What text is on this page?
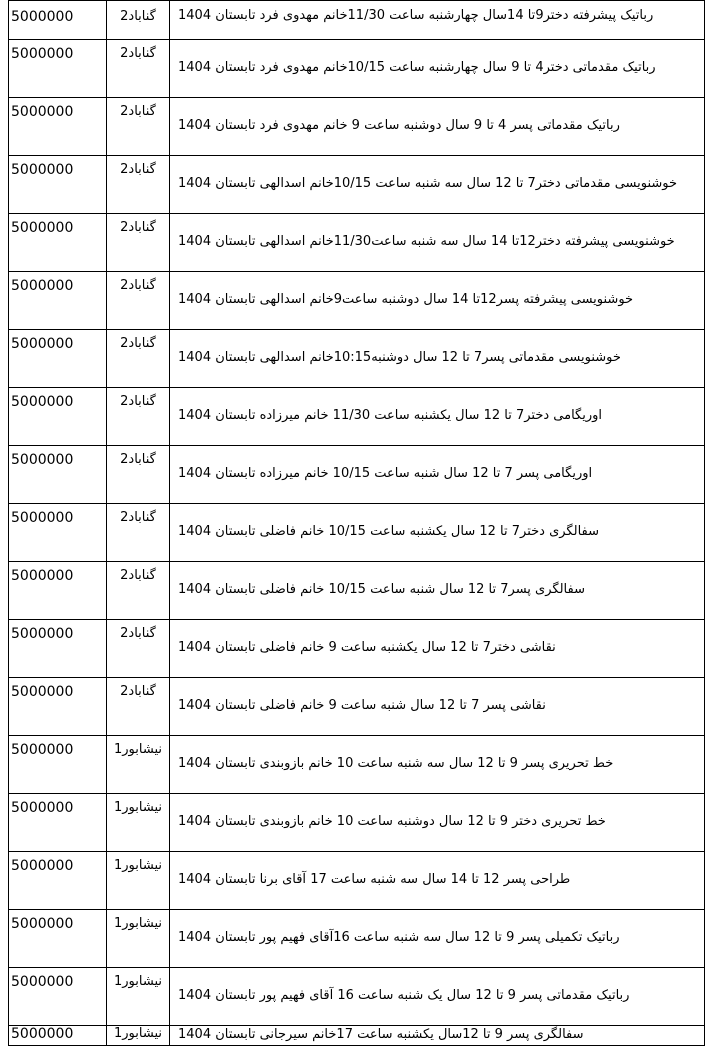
5000000	گناباد2	رباتیک پیشرفته دختر9تا 14سال چهارشنبه ساعت 11/30خانم مهدوی فرد تابستان 1404
5000000	گناباد2	رباتیک مقدماتی دختر4 تا 9 سال چهارشنبه ساعت 10/15خانم مهدوی فرد تابستان 1404
5000000	گناباد2	رباتیک مقدماتی پسر 4 تا 9 سال دوشنبه ساعت 9 خانم مهدوی فرد تابستان 1404
5000000	گناباد2	خوشنویسی مقدماتی دختر7 تا 12 سال سه شنبه ساعت 10/15خانم اسدالهی تابستان 1404
5000000	گناباد2	خوشنویسی پیشرفته دختر12تا 14 سال سه شنبه ساعت11/30خانم اسدالهی تابستان 1404
5000000	گناباد2	خوشنویسی پیشرفته پسر12تا 14 سال دوشنبه ساعت9خانم اسدالهی تابستان 1404
5000000	گناباد2	خوشنویسی مقدماتی پسر7 تا 12 سال دوشنبه10:15خانم اسدالهی تابستان 1404
5000000	گناباد2	اوریگامی دختر7 تا 12 سال یکشنبه ساعت 11/30 خانم میرزاده تابستان 1404
5000000	گناباد2	اوریگامی پسر 7 تا 12 سال شنبه ساعت 10/15 خانم میرزاده تابستان 1404
5000000	گناباد2	سفالگری دختر7 تا 12 سال یکشنبه ساعت 10/15 خانم فاضلی تابستان 1404
5000000	گناباد2	سفالگری پسر7 تا 12 سال شنبه ساعت 10/15 خانم فاضلی تابستان 1404
5000000	گناباد2	نقاشی دختر7 تا 12 سال یکشنبه ساعت 9 خانم فاضلی تابستان 1404
5000000	گناباد2	نقاشی پسر 7 تا 12 سال شنبه ساعت 9 خانم فاضلی تابستان 1404
5000000	نیشابور1	خط تحریری پسر 9 تا 12 سال سه شنبه ساعت 10 خانم بازوبندی تابستان 1404
5000000	نیشابور1	خط تحریری دختر 9 تا 12 سال دوشنبه ساعت 10 خانم بازوبندی تابستان 1404
5000000	نیشابور1	طراحی پسر 12 تا 14 سال سه شنبه ساعت 17 آقای برنا تابستان 1404
5000000	نیشابور1	رباتیک تکمیلی پسر 9 تا 12 سال سه شنبه ساعت 16آقای فهیم پور تابستان 1404
5000000	نیشابور1	رباتیک مقدماتی پسر 9 تا 12 سال یک شنبه ساعت 16 آقای فهیم پور تابستان 1404
5000000	نیشابور1	سفالگری پسر 9 تا 12سال یکشنبه ساعت 17خانم سیرجانی تابستان 1404
